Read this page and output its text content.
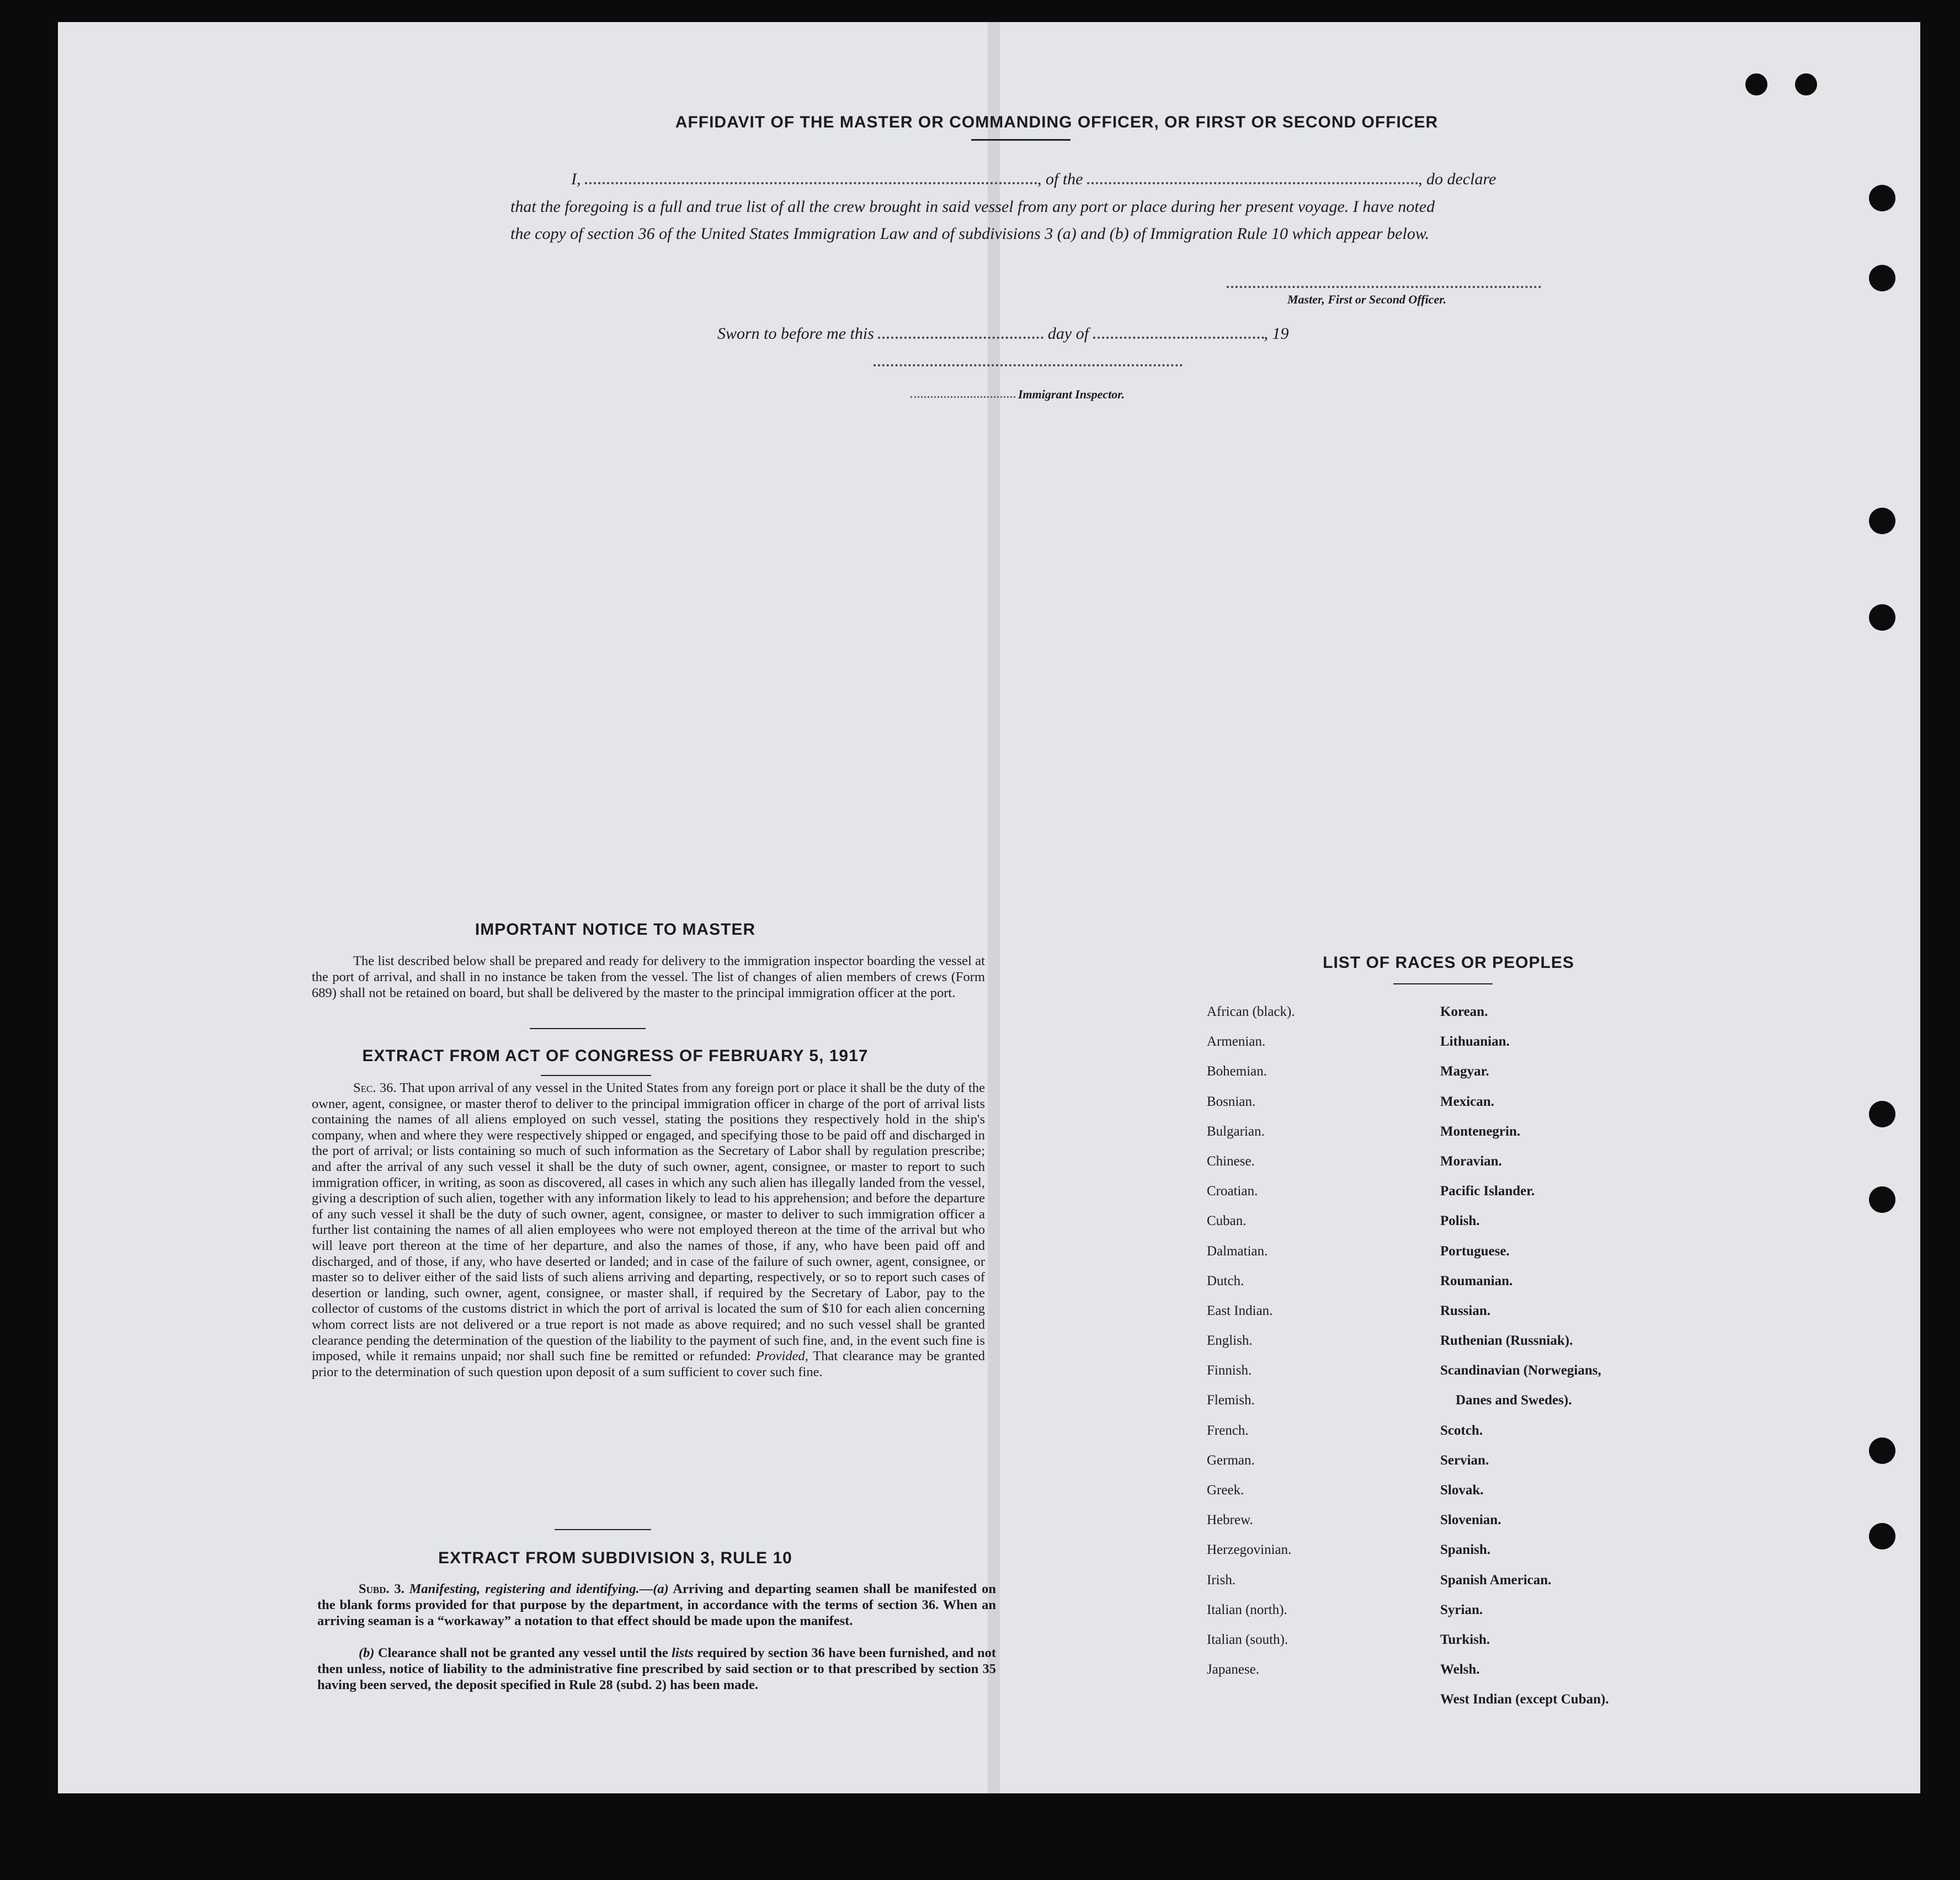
AFFIDAVIT OF THE MASTER OR COMMANDING OFFICER, OR FIRST OR SECOND OFFICER
I,	, of the	, do declare
that the foregoing is a full and true list of all the crew brought in said vessel from any port or place during her present voyage. I have noted
the copy of section 36 of the United States Immigration Law and of subdivisions 3 (a) and (b) of Immigration Rule 10 which appear below.
Master, First or Second Officer.
Sworn to before me this	day of	, 19
Immigrant Inspector.
IMPORTANT NOTICE TO MASTER
The list described below shall be prepared and ready for delivery to the immigration inspector boarding the vessel at the port of arrival, and shall in no instance be taken from the vessel. The list of changes of alien members of crews (Form 689) shall not be retained on board, but shall be delivered by the master to the principal immigration officer at the port.
EXTRACT FROM ACT OF CONGRESS OF FEBRUARY 5, 1917
Sec. 36. That upon arrival of any vessel in the United States from any foreign port or place it shall be the duty of the owner, agent, consignee, or master therof to deliver to the principal immigration officer in charge of the port of arrival lists containing the names of all aliens employed on such vessel, stating the positions they respectively hold in the ship's company, when and where they were respectively shipped or engaged, and specifying those to be paid off and discharged in the port of arrival; or lists containing so much of such information as the Secretary of Labor shall by regulation prescribe; and after the arrival of any such vessel it shall be the duty of such owner, agent, consignee, or master to report to such immigration officer, in writing, as soon as discovered, all cases in which any such alien has illegally landed from the vessel, giving a description of such alien, together with any information likely to lead to his apprehension; and before the departure of any such vessel it shall be the duty of such owner, agent, consignee, or master to deliver to such immigration officer a further list containing the names of all alien employees who were not employed thereon at the time of the arrival but who will leave port thereon at the time of her departure, and also the names of those, if any, who have been paid off and discharged, and of those, if any, who have deserted or landed; and in case of the failure of such owner, agent, consignee, or master so to deliver either of the said lists of such aliens arriving and departing, respectively, or so to report such cases of desertion or landing, such owner, agent, consignee, or master shall, if required by the Secretary of Labor, pay to the collector of customs of the customs district in which the port of arrival is located the sum of $10 for each alien concerning whom correct lists are not delivered or a true report is not made as above required; and no such vessel shall be granted clearance pending the determination of the question of the liability to the payment of such fine, and, in the event such fine is imposed, while it remains unpaid; nor shall such fine be remitted or refunded: Provided, That clearance may be granted prior to the determination of such question upon deposit of a sum sufficient to cover such fine.
EXTRACT FROM SUBDIVISION 3, RULE 10
Subd. 3. Manifesting, registering and identifying.—(a) Arriving and departing seamen shall be manifested on the blank forms provided for that purpose by the department, in accordance with the terms of section 36. When an arriving seaman is a “workaway” a notation to that effect should be made upon the manifest.
(b) Clearance shall not be granted any vessel until the lists required by section 36 have been furnished, and not then unless, notice of liability to the administrative fine prescribed by said section or to that prescribed by section 35 having been served, the deposit specified in Rule 28 (subd. 2) has been made.
LIST OF RACES OR PEOPLES
African (black).
Armenian.
Bohemian.
Bosnian.
Bulgarian.
Chinese.
Croatian.
Cuban.
Dalmatian.
Dutch.
East Indian.
English.
Finnish.
Flemish.
French.
German.
Greek.
Hebrew.
Herzegovinian.
Irish.
Italian (north).
Italian (south).
Japanese.
Korean.
Lithuanian.
Magyar.
Mexican.
Montenegrin.
Moravian.
Pacific Islander.
Polish.
Portuguese.
Roumanian.
Russian.
Ruthenian (Russniak).
Scandinavian (Norwegians,
Danes and Swedes).
Scotch.
Servian.
Slovak.
Slovenian.
Spanish.
Spanish American.
Syrian.
Turkish.
Welsh.
West Indian (except Cuban).
